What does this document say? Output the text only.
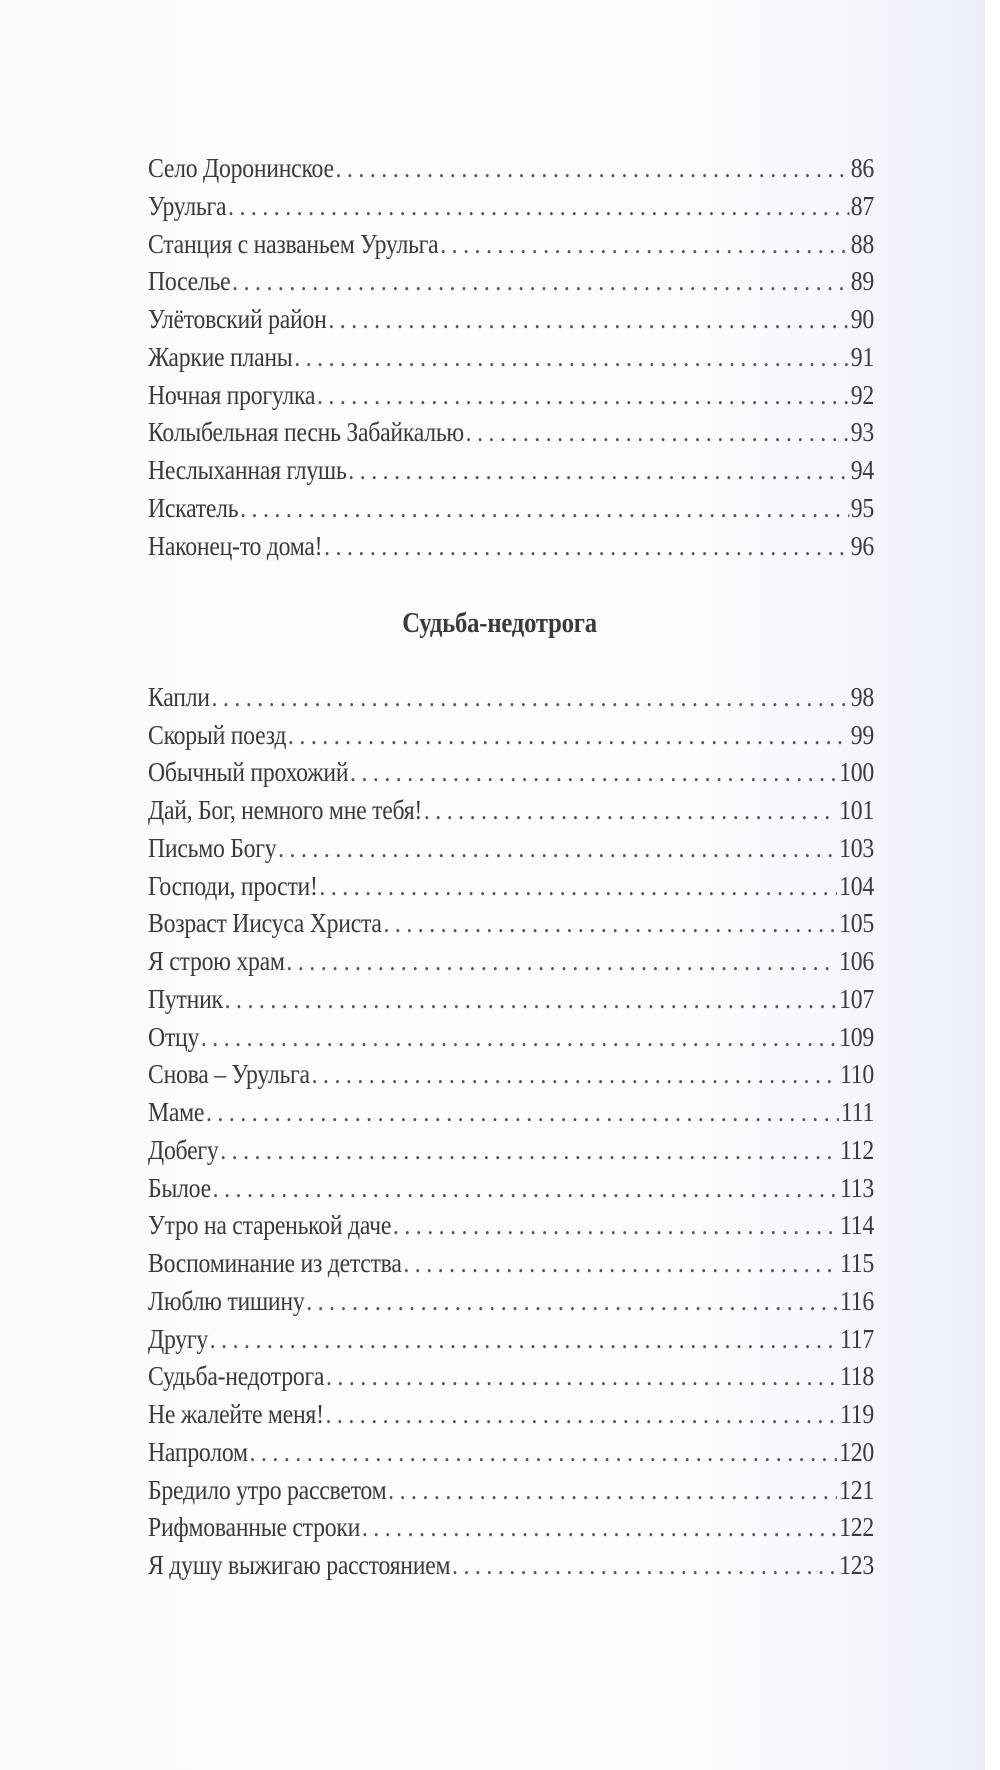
Село Доронинское . . .	86
Урульга . . .	87
Станция с названьем Урульга . . .	88
Поселье . . .	89
Улётовский район . . .	90
Жаркие планы . . .	91
Ночная прогулка . . .	92
Колыбельная песнь Забайкалью . . .	93
Неслыханная глушь . . .	94
Искатель . . .	95
Наконец-то дома! . . .	96
Капли . . .	98
Скорый поезд . . .	99
Обычный прохожий . . .	100
Дай, Бог, немного мне тебя! . . .	101
Письмо Богу . . .	103
Господи, прости! . . .	104
Возраст Иисуса Христа . . .	105
Я строю храм . . .	106
Путник . . .	107
Отцу . . .	109
Снова – Урульга . . .	110
Маме . . .	111
Добегу . . .	112
Былое . . .	113
Утро на старенькой даче . . .	114
Воспоминание из детства . . .	115
Люблю тишину . . .	116
Другу . . .	117
Судьба-недотрога . . .	118
Не жалейте меня! . . .	119
Напролом . . .	120
Бредило утро рассветом . . .	121
Рифмованные строки . . .	122
Я душу выжигаю расстоянием . . .	123
Судьба-недотрога
